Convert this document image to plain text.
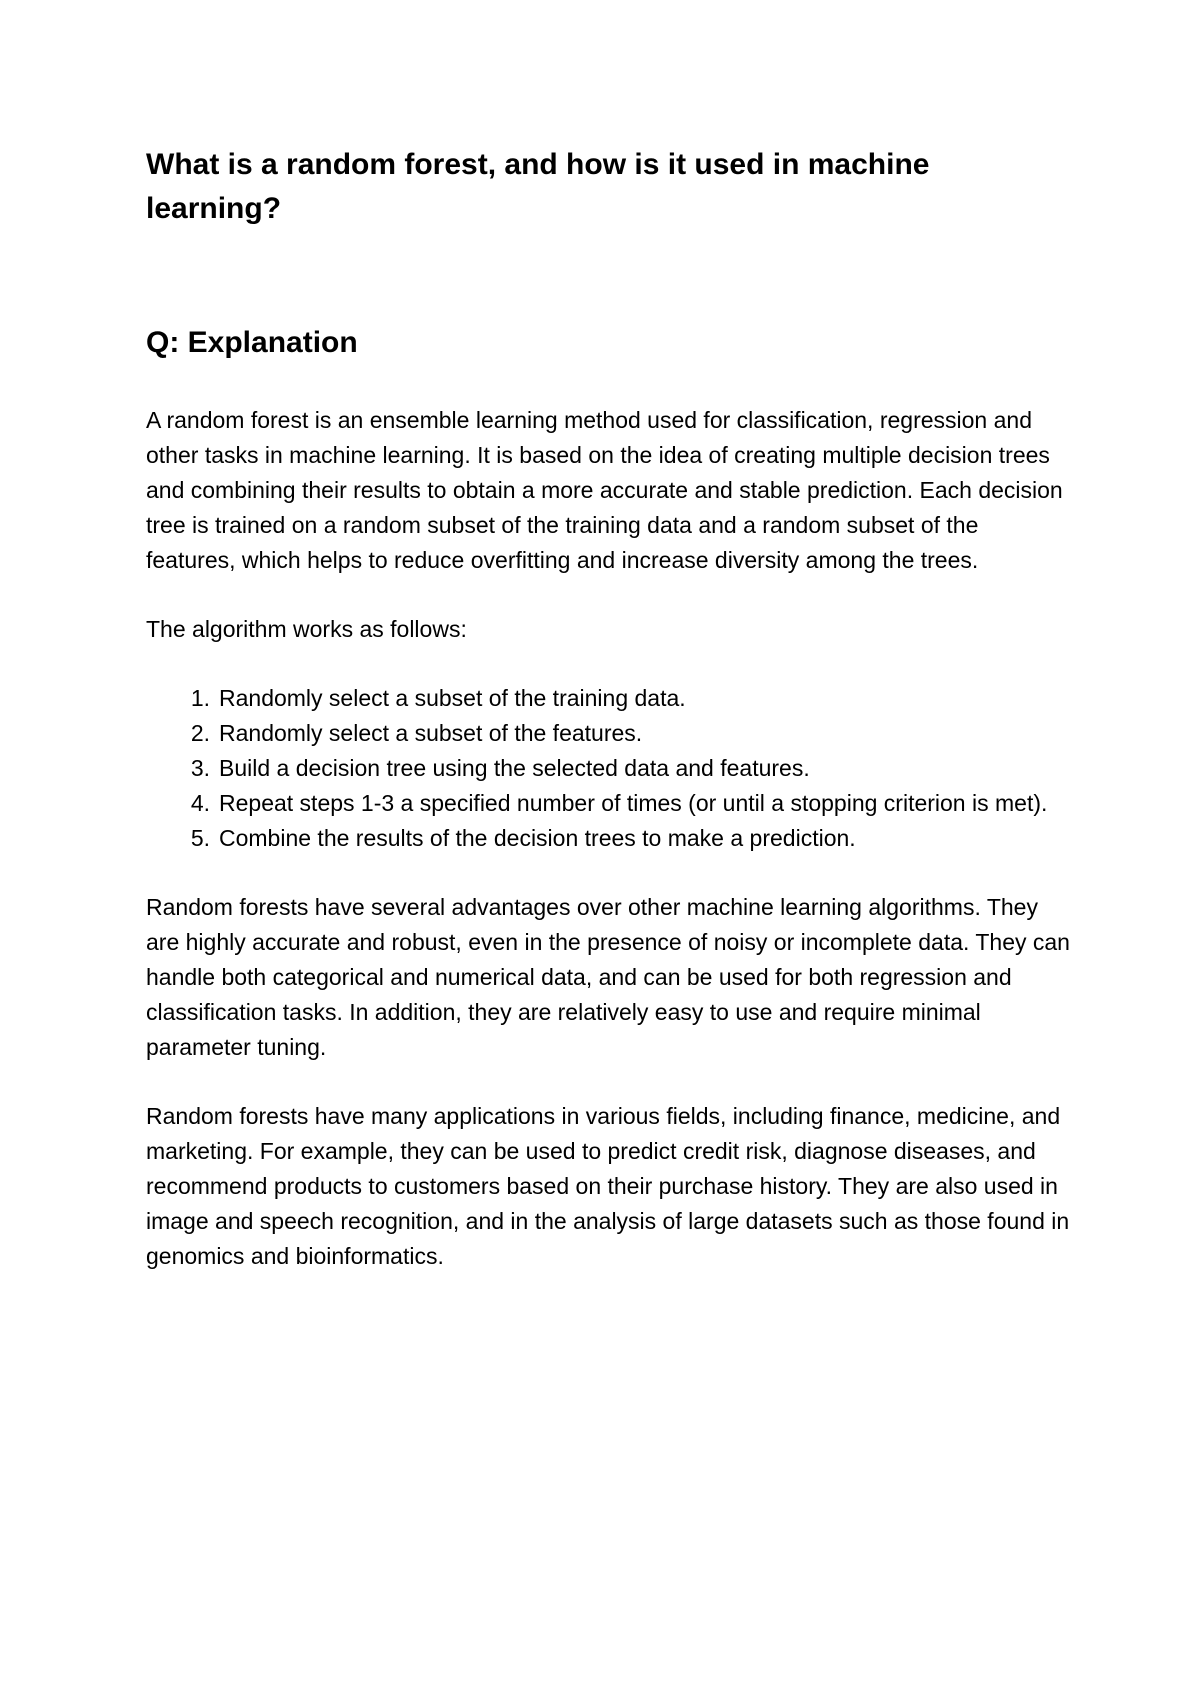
What is a random forest, and how is it used in machine learning?
Q: Explanation

A random forest is an ensemble learning method used for classification, regression and other tasks in machine learning. It is based on the idea of creating multiple decision trees and combining their results to obtain a more accurate and stable prediction. Each decision tree is trained on a random subset of the training data and a random subset of the features, which helps to reduce overfitting and increase diversity among the trees.

The algorithm works as follows:

1. Randomly select a subset of the training data.
2. Randomly select a subset of the features.
3. Build a decision tree using the selected data and features.
4. Repeat steps 1-3 a specified number of times (or until a stopping criterion is met).
5. Combine the results of the decision trees to make a prediction.

Random forests have several advantages over other machine learning algorithms. They are highly accurate and robust, even in the presence of noisy or incomplete data. They can handle both categorical and numerical data, and can be used for both regression and classification tasks. In addition, they are relatively easy to use and require minimal parameter tuning.

Random forests have many applications in various fields, including finance, medicine, and marketing. For example, they can be used to predict credit risk, diagnose diseases, and recommend products to customers based on their purchase history. They are also used in image and speech recognition, and in the analysis of large datasets such as those found in genomics and bioinformatics.
